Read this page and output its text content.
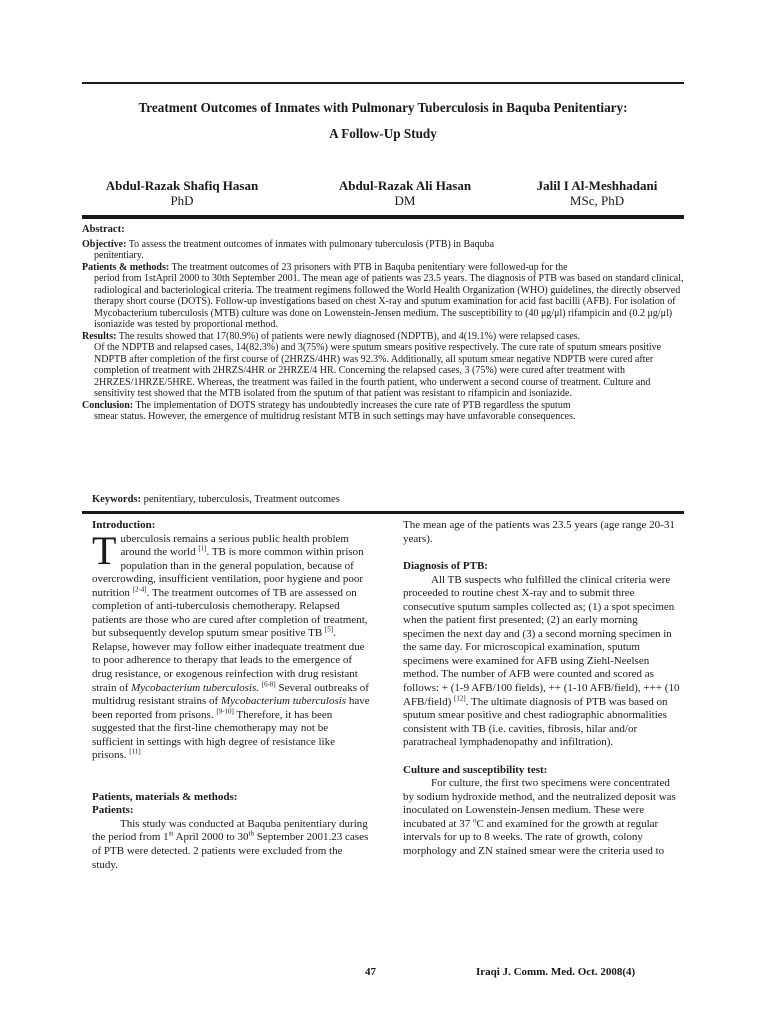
Treatment Outcomes of Inmates with Pulmonary Tuberculosis in Baquba Penitentiary:
A Follow-Up Study
Abdul-Razak Shafiq Hasan
PhD
Abdul-Razak Ali Hasan
DM
Jalil I Al-Meshhadani
MSc, PhD
Abstract:
Objective: To assess the treatment outcomes of inmates with pulmonary tuberculosis (PTB) in Baquba
penitentiary.
Patients & methods: The treatment outcomes of 23 prisoners with PTB in Baquba penitentiary were followed-up for the
period from 1stApril 2000 to 30th September 2001. The mean age of patients was 23.5 years. The diagnosis of PTB was based on standard clinical, radiological and bacteriological criteria. The treatment regimens followed the World Health Organization (WHO) guidelines, the directly observed therapy short course (DOTS). Follow-up investigations based on chest X-ray and sputum examination for acid fast bacilli (AFB). For isolation of Mycobacterium tuberculosis (MTB) culture was done on Lowenstein-Jensen medium. The susceptibility to (40 μg/μl) rifampicin and (0.2 μg/μl) isoniazide was tested by proportional method.
Results: The results showed that 17(80.9%) of patients were newly diagnosed (NDPTB), and 4(19.1%) were relapsed cases.
Of the NDPTB and relapsed cases, 14(82.3%) and 3(75%) were sputum smears positive respectively. The cure rate of sputum smears positive NDPTB after completion of the first course of (2HRZS/4HR) was 92.3%. Additionally, all sputum smear negative NDPTB were cured after completion of treatment with 2HRZS/4HR or 2HRZE/4 HR. Concerning the relapsed cases, 3 (75%) were cured after treatment with 2HRZES/1HRZE/5HRE. Whereas, the treatment was failed in the fourth patient, who underwent a second course of treatment. Culture and sensitivity test showed that the MTB isolated from the sputum of that patient was resistant to rifampicin and isoniazide.
Conclusion: The implementation of DOTS strategy has undoubtedly increases the cure rate of PTB regardless the sputum
smear status. However, the emergence of multidrug resistant MTB in such settings may have unfavorable consequences.
Keywords: penitentiary, tuberculosis, Treatment outcomes

Introduction:

Tuberculosis remains a serious public health problem around the world [1]. TB is more common within prison population than in the general population, because of overcrowding, insufficient ventilation, poor hygiene and poor nutrition [2-4]. The treatment outcomes of TB are assessed on completion of anti-tuberculosis chemotherapy. Relapsed patients are those who are cured after completion of treatment, but subsequently develop sputum smear positive TB [5]. Relapse, however may follow either inadequate treatment due to poor adherence to therapy that leads to the emergence of drug resistance, or exogenous reinfection with drug resistant strain of Mycobacterium tuberculosis. [6-8] Several outbreaks of multidrug resistant strains of Mycobacterium tuberculosis have been reported from prisons. [9-10] Therefore, it has been suggested that the first-line chemotherapy may not be sufficient in settings with high degree of resistance like prisons. [11]

Patients, materials & methods:

Patients:

This study was conducted at Baquba penitentiary during the period from 1st April 2000 to 30th September 2001.23 cases of PTB were detected. 2 patients were excluded from the study.

The mean age of the patients was 23.5 years (age range 20-31 years).

Diagnosis of PTB:

All TB suspects who fulfilled the clinical criteria were proceeded to routine chest X-ray and to submit three consecutive sputum samples collected as; (1) a spot specimen when the patient first presented; (2) an early morning specimen the next day and (3) a second morning specimen in the same day. For microscopical examination, sputum specimens were examined for AFB using Ziehl-Neelsen method. The number of AFB were counted and scored as follows: + (1-9 AFB/100 fields), ++ (1-10 AFB/field), +++ (10 AFB/field) [12]. The ultimate diagnosis of PTB was based on sputum smear positive and chest radiographic abnormalities consistent with TB (i.e. cavities, fibrosis, hilar and/or paratracheal lymphadenopathy and infiltration).

Culture and susceptibility test:

For culture, the first two specimens were concentrated by sodium hydroxide method, and the neutralized deposit was inoculated on Lowenstein-Jensen medium. These were incubated at 37 $^o$C and examined for the growth at regular intervals for up to 8 weeks. The rate of growth, colony morphology and ZN stained smear were the criteria used to

47	Iraqi J. Comm. Med. Oct. 2008(4)
